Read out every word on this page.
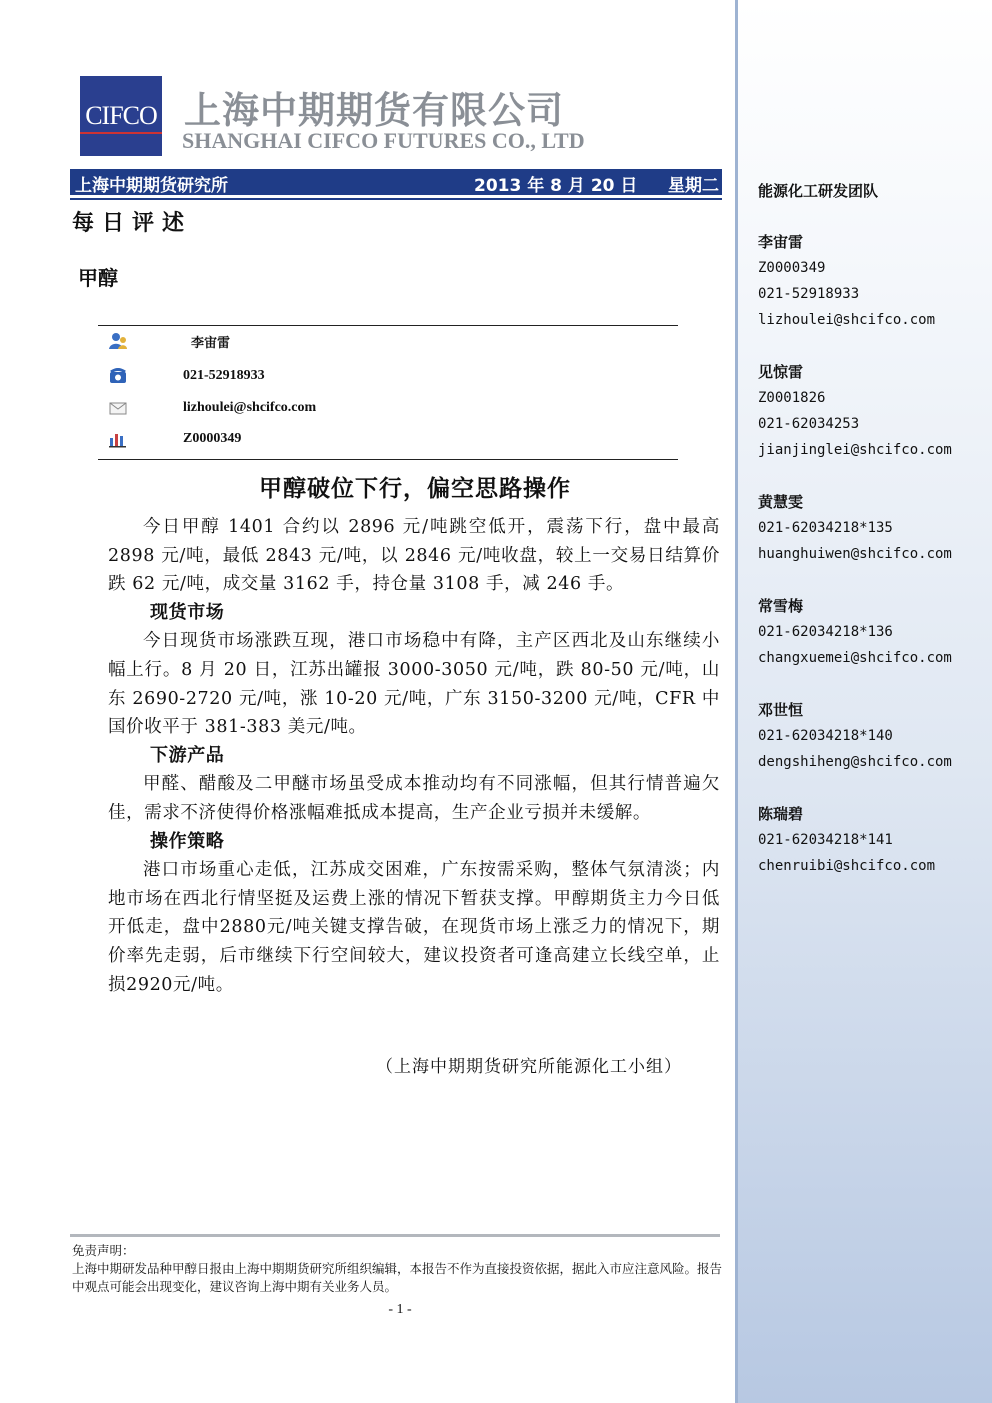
CIFCO 上海中期期货有限公司
SHANGHAI CIFCO FUTURES CO., LTD
上海中期期货研究所	2013 年 8 月 20 日 星期二
每日评述
甲醇
李宙雷
021-52918933
lizhoulei@shcifco.com
Z0000349
甲醇破位下行，偏空思路操作

今日甲醇 1401 合约以 2896 元/吨跳空低开，震荡下行，盘中最高 2898 元/吨，最低 2843 元/吨，以 2846 元/吨收盘，较上一交易日结算价跌 62 元/吨，成交量 3162 手，持仓量 3108 手，减 246 手。

现货市场

今日现货市场涨跌互现，港口市场稳中有降，主产区西北及山东继续小幅上行。8 月 20 日，江苏出罐报 3000-3050 元/吨，跌 80-50 元/吨，山东 2690-2720 元/吨，涨 10-20 元/吨，广东 3150-3200 元/吨，CFR 中国价收平于 381-383 美元/吨。

下游产品

甲醛、醋酸及二甲醚市场虽受成本推动均有不同涨幅，但其行情普遍欠佳，需求不济使得价格涨幅难抵成本提高，生产企业亏损并未缓解。

操作策略

港口市场重心走低，江苏成交困难，广东按需采购，整体气氛清淡；内地市场在西北行情坚挺及运费上涨的情况下暂获支撑。甲醇期货主力今日低开低走，盘中2880元/吨关键支撑告破，在现货市场上涨乏力的情况下，期价率先走弱，后市继续下行空间较大，建议投资者可逢高建立长线空单，止损2920元/吨。

（上海中期期货研究所能源化工小组）
免责声明：
上海中期研发品种甲醇日报由上海中期期货研究所组织编辑，本报告不作为直接投资依据，据此入市应注意风险。报告中观点可能会出现变化，建议咨询上海中期有关业务人员。
- 1 -
能源化工研发团队
李宙雷
Z0000349
021-52918933
lizhoulei@shcifco.com
见惊雷
Z0001826
021-62034253
jianjinglei@shcifco.com
黄慧雯
021-62034218*135
huanghuiwen@shcifco.com
常雪梅
021-62034218*136
changxuemei@shcifco.com
邓世恒
021-62034218*140
dengshiheng@shcifco.com
陈瑞碧
021-62034218*141
chenruibi@shcifco.com
